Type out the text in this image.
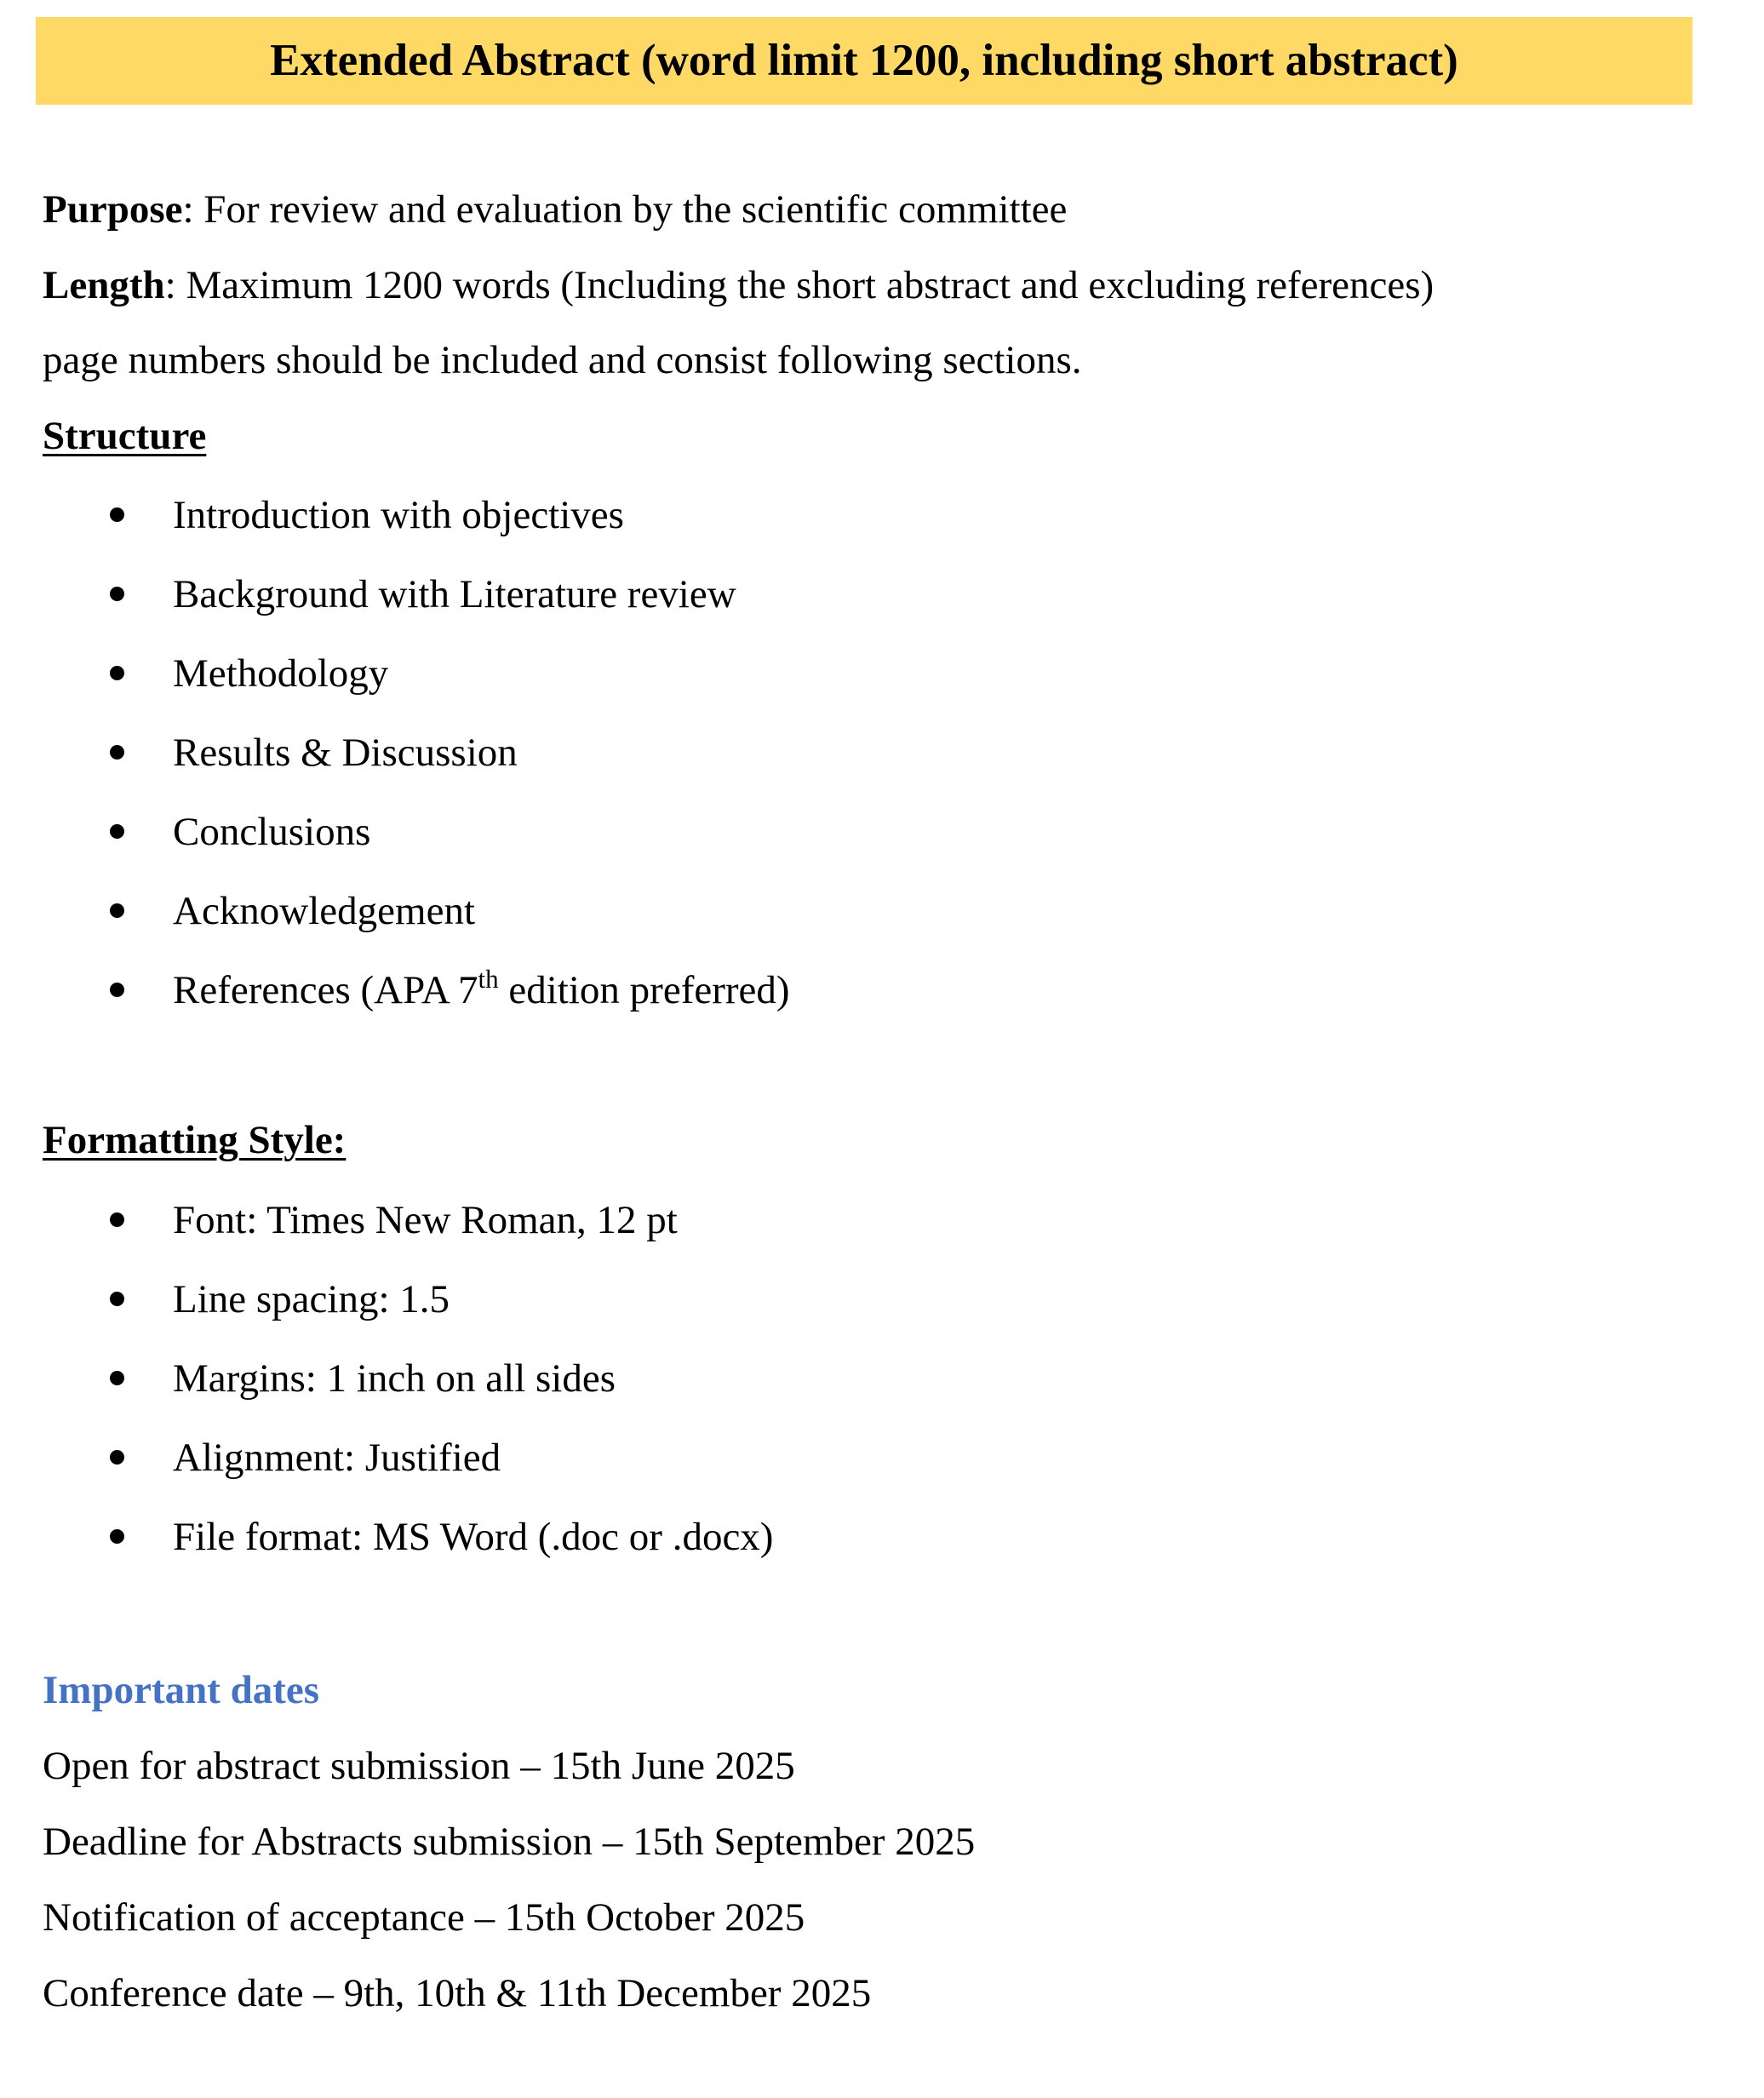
Extended Abstract (word limit 1200, including short abstract)
Purpose: For review and evaluation by the scientific committee
Length: Maximum 1200 words (Including the short abstract and excluding references)
page numbers should be included and consist following sections.
Structure
Introduction with objectives
Background with Literature review
Methodology
Results & Discussion
Conclusions
Acknowledgement
References (APA 7th edition preferred)
Formatting Style:
Font: Times New Roman, 12 pt
Line spacing: 1.5
Margins: 1 inch on all sides
Alignment: Justified
File format: MS Word (.doc or .docx)
Important dates
Open for abstract submission – 15th June 2025
Deadline for Abstracts submission – 15th September 2025
Notification of acceptance – 15th October 2025
Conference date – 9th, 10th & 11th December 2025
